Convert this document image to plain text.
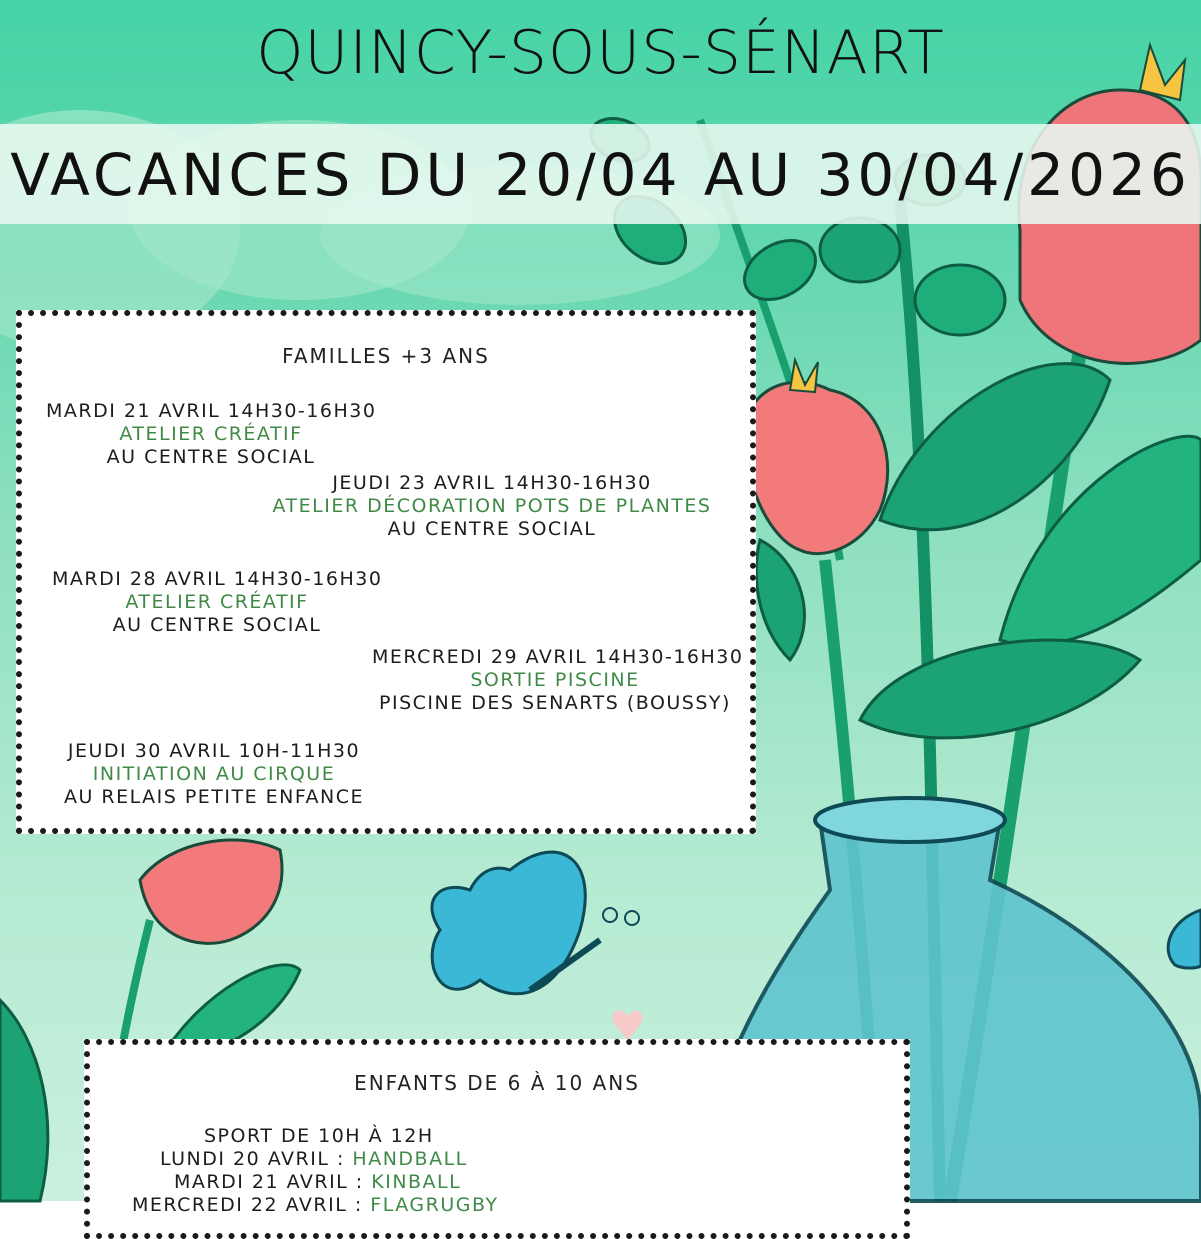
QUINCY-SOUS-SÉNART
VACANCES DU 20/04 AU 30/04/2026
FAMILLES +3 ANS
MARDI 21 AVRIL 14H30-16H30
ATELIER CRÉATIF
AU CENTRE SOCIAL
JEUDI 23 AVRIL 14H30-16H30
ATELIER DÉCORATION POTS DE PLANTES
AU CENTRE SOCIAL
MARDI 28 AVRIL 14H30-16H30
ATELIER CRÉATIF
AU CENTRE SOCIAL
MERCREDI 29 AVRIL 14H30-16H30
SORTIE PISCINE
PISCINE DES SENARTS (BOUSSY)
JEUDI 30 AVRIL 10H-11H30
INITIATION AU CIRQUE
AU RELAIS PETITE ENFANCE
ENFANTS DE 6 À 10 ANS
SPORT DE 10H À 12H
LUNDI 20 AVRIL : HANDBALL
MARDI 21 AVRIL : KINBALL
MERCREDI 22 AVRIL : FLAGRUGBY
